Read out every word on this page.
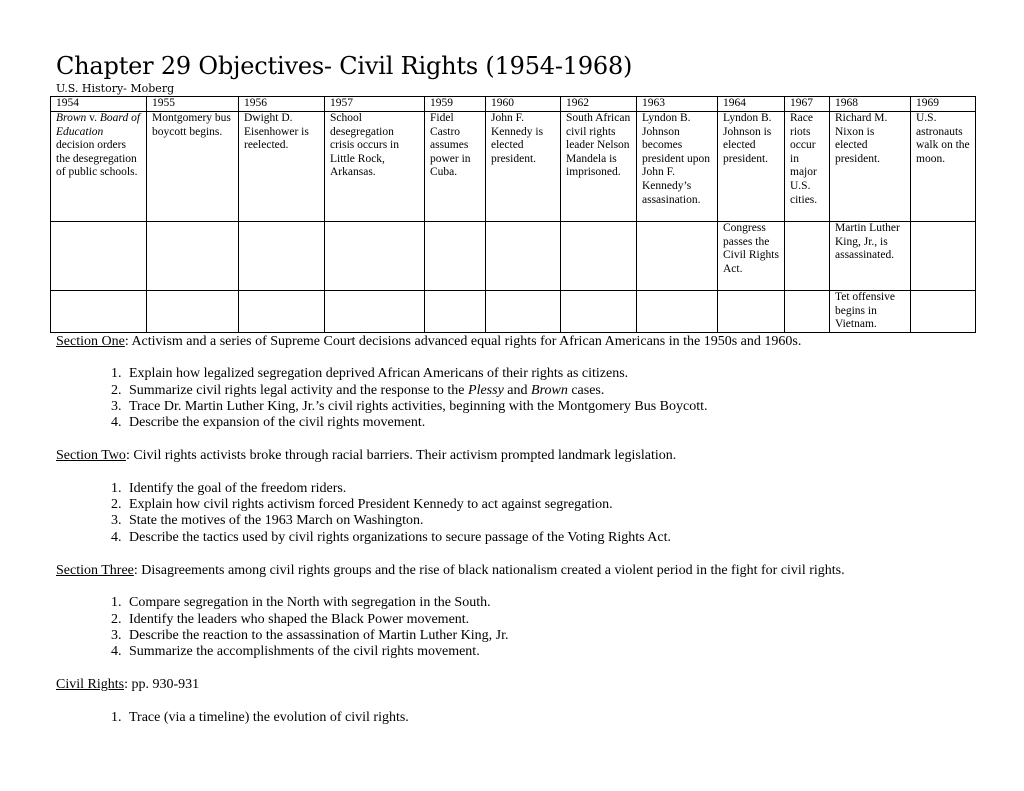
Chapter 29 Objectives- Civil Rights (1954-1968)
U.S. History- Moberg
1954	1955	1956	1957	1959	1960	1962	1963	1964	1967	1968	1969
Brown v. Board of Education decision orders the desegregation of public schools.	Montgomery bus boycott begins.	Dwight D. Eisenhower is reelected.	School desegregation crisis occurs in Little Rock, Arkansas.	Fidel Castro assumes power in Cuba.	John F. Kennedy is elected president.	South African civil rights leader Nelson Mandela is imprisoned.	Lyndon B. Johnson becomes president upon John F. Kennedy’s assasination.	Lyndon B. Johnson is elected president.	Race riots occur in major U.S. cities.	Richard M. Nixon is elected president.	U.S. astronauts walk on the moon.
								Congress passes the Civil Rights Act.		Martin Luther King, Jr., is assassinated.	
										Tet offensive begins in Vietnam.	

Section One: Activism and a series of Supreme Court decisions advanced equal rights for African Americans in the 1950s and 1960s.

1. Explain how legalized segregation deprived African Americans of their rights as citizens.
2. Summarize civil rights legal activity and the response to the Plessy and Brown cases.
3. Trace Dr. Martin Luther King, Jr.’s civil rights activities, beginning with the Montgomery Bus Boycott.
4. Describe the expansion of the civil rights movement.

Section Two: Civil rights activists broke through racial barriers. Their activism prompted landmark legislation.

1. Identify the goal of the freedom riders.
2. Explain how civil rights activism forced President Kennedy to act against segregation.
3. State the motives of the 1963 March on Washington.
4. Describe the tactics used by civil rights organizations to secure passage of the Voting Rights Act.

Section Three: Disagreements among civil rights groups and the rise of black nationalism created a violent period in the fight for civil rights.

1. Compare segregation in the North with segregation in the South.
2. Identify the leaders who shaped the Black Power movement.
3. Describe the reaction to the assassination of Martin Luther King, Jr.
4. Summarize the accomplishments of the civil rights movement.

Civil Rights: pp. 930-931

1. Trace (via a timeline) the evolution of civil rights.
